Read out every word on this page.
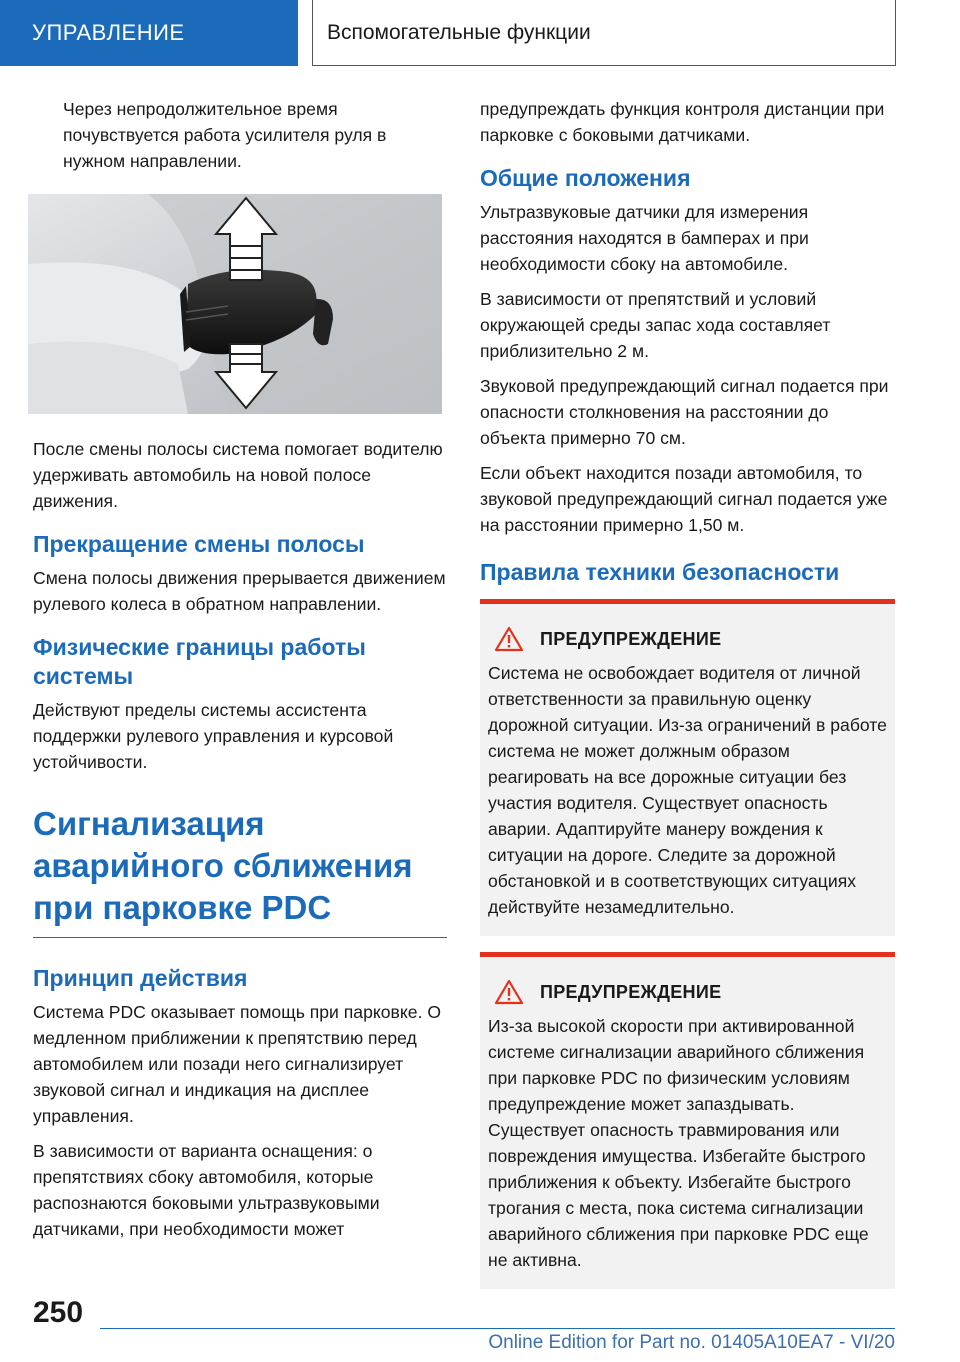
УПРАВЛЕНИЕ	Вспомогательные функции

Через непродолжительное время почувствуется работа усилителя руля в нужном направлении.

После смены полосы система помогает водителю удерживать автомобиль на новой полосе движения.

Прекращение смены полосы

Смена полосы движения прерывается движением рулевого колеса в обратном направлении.

Физические границы работы системы

Действуют пределы системы ассистента поддержки рулевого управления и курсовой устойчивости.

Сигнализация аварийного сближения при парковке PDC
Принцип действия

Система PDC оказывает помощь при парковке. О медленном приближении к препятствию перед автомобилем или позади него сигнализирует звуковой сигнал и индикация на дисплее управления.

В зависимости от варианта оснащения: о препятствиях сбоку автомобиля, которые распознаются боковыми ультразвуковыми датчиками, при необходимости может

предупреждать функция контроля дистанции при парковке с боковыми датчиками.

Общие положения

Ультразвуковые датчики для измерения расстояния находятся в бамперах и при необходимости сбоку на автомобиле.

В зависимости от препятствий и условий окружающей среды запас хода составляет приблизительно 2 м.

Звуковой предупреждающий сигнал подается при опасности столкновения на расстоянии до объекта примерно 70 см.

Если объект находится позади автомобиля, то звуковой предупреждающий сигнал подается уже на расстоянии примерно 1,50 м.

Правила техники безопасности
ПРЕДУПРЕЖДЕНИЕ

Система не освобождает водителя от личной ответственности за правильную оценку дорожной ситуации. Из-за ограничений в работе система не может должным образом реагировать на все дорожные ситуации без участия водителя. Существует опасность аварии. Адаптируйте манеру вождения к ситуации на дороге. Следите за дорожной обстановкой и в соответствующих ситуациях действуйте незамедлительно.

ПРЕДУПРЕЖДЕНИЕ

Из-за высокой скорости при активированной системе сигнализации аварийного сближения при парковке PDC по физическим условиям предупреждение может запаздывать. Существует опасность травмирования или повреждения имущества. Избегайте быстрого приближения к объекту. Избегайте быстрого трогания с места, пока система сигнализации аварийного сближения при парковке PDC еще не активна.

250
Online Edition for Part no. 01405A10EA7 - VI/20
